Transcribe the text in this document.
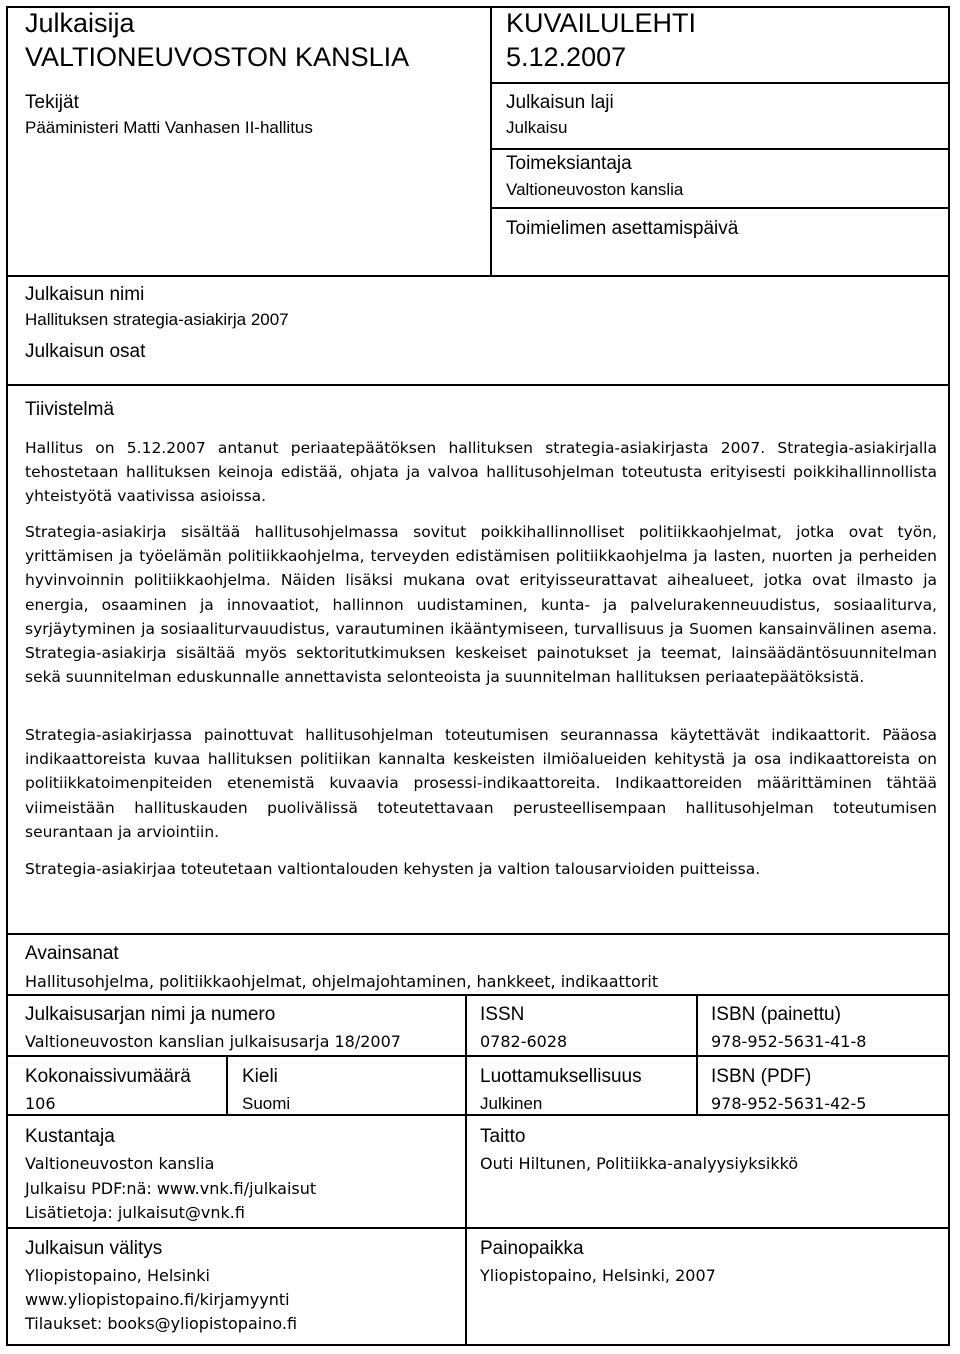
Julkaisija
VALTIONEUVOSTON KANSLIA
Tekijät
Pääministeri Matti Vanhasen II-hallitus
KUVAILULEHTI
5.12.2007
Julkaisun laji
Julkaisu
Toimeksiantaja
Valtioneuvoston kanslia
Toimielimen asettamispäivä
Julkaisun nimi
Hallituksen strategia-asiakirja 2007
Julkaisun osat
Tiivistelmä
Hallitus on 5.12.2007 antanut periaatepäätöksen hallituksen strategia-asiakirjasta 2007. Strategia-asiakirjalla tehostetaan hallituksen keinoja edistää, ohjata ja valvoa hallitusohjelman toteutusta erityisesti poikkihallinnollista yhteistyötä vaativissa asioissa.
Strategia-asiakirja sisältää hallitusohjelmassa sovitut poikkihallinnolliset politiikkaohjelmat, jotka ovat työn, yrittämisen ja työelämän politiikkaohjelma, terveyden edistämisen politiikkaohjelma ja lasten, nuorten ja perheiden hyvinvoinnin politiikkaohjelma. Näiden lisäksi mukana ovat erityisseurattavat aihealueet, jotka ovat ilmasto ja energia, osaaminen ja innovaatiot, hallinnon uudistaminen, kunta- ja palvelurakenneuudistus, sosiaaliturva, syrjäytyminen ja sosiaaliturvauudistus, varautuminen ikääntymiseen, turvallisuus ja Suomen kansainvälinen asema. Strategia-asiakirja sisältää myös sektoritutkimuksen keskeiset painotukset ja teemat, lainsäädäntösuunnitelman sekä suunnitelman eduskunnalle annettavista selonteoista ja suunnitelman hallituksen periaatepäätöksistä.
Strategia-asiakirjassa painottuvat hallitusohjelman toteutumisen seurannassa käytettävät indikaattorit. Pääosa indikaattoreista kuvaa hallituksen politiikan kannalta keskeisten ilmiöalueiden kehitystä ja osa indikaattoreista on politiikkatoimenpiteiden etenemistä kuvaavia prosessi-indikaattoreita. Indikaattoreiden määrittäminen tähtää viimeistään hallituskauden puolivälissä toteutettavaan perusteellisempaan hallitusohjelman toteutumisen seurantaan ja arviointiin.
Strategia-asiakirjaa toteutetaan valtiontalouden kehysten ja valtion talousarvioiden puitteissa.
Avainsanat
Hallitusohjelma, politiikkaohjelmat, ohjelmajohtaminen, hankkeet, indikaattorit
Julkaisusarjan nimi ja numero
Valtioneuvoston kanslian julkaisusarja 18/2007
ISSN
0782-6028
ISBN (painettu)
978-952-5631-41-8
Kokonaissivumäärä
106
Kieli
Suomi
Luottamuksellisuus
Julkinen
ISBN (PDF)
978-952-5631-42-5
Kustantaja
Valtioneuvoston kanslia
Julkaisu PDF:nä: www.vnk.fi/julkaisut
Lisätietoja: julkaisut@vnk.fi
Taitto
Outi Hiltunen, Politiikka-analyysiyksikkö
Julkaisun välitys
Yliopistopaino, Helsinki
www.yliopistopaino.fi/kirjamyynti
Tilaukset: books@yliopistopaino.fi
Painopaikka
Yliopistopaino, Helsinki, 2007
